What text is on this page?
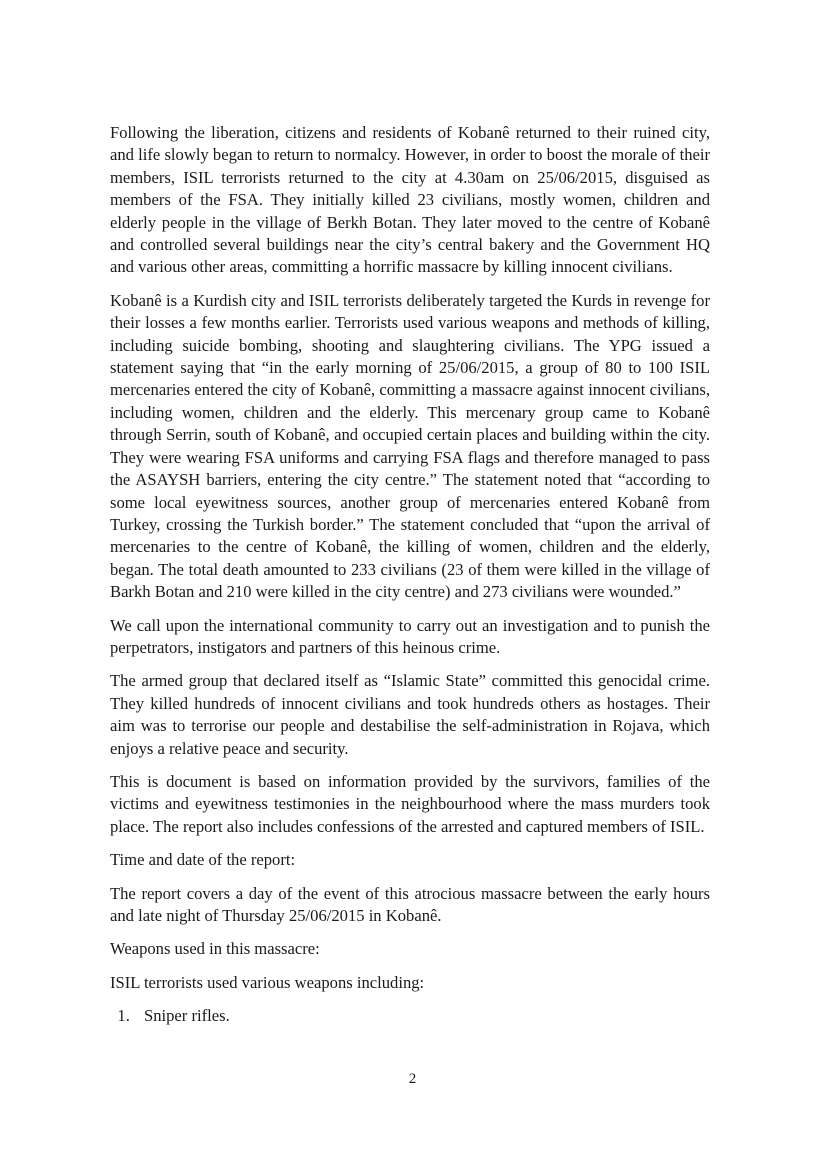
Following the liberation, citizens and residents of Kobanê returned to their ruined city, and life slowly began to return to normalcy. However, in order to boost the morale of their members, ISIL terrorists returned to the city at 4.30am on 25/06/2015, disguised as members of the FSA. They initially killed 23 civilians, mostly women, children and elderly people in the village of Berkh Botan. They later moved to the centre of Kobanê and controlled several buildings near the city’s central bakery and the Government HQ and various other areas, committing a horrific massacre by killing innocent civilians.

Kobanê is a Kurdish city and ISIL terrorists deliberately targeted the Kurds in revenge for their losses a few months earlier. Terrorists used various weapons and methods of killing, including suicide bombing, shooting and slaughtering civilians. The YPG issued a statement saying that “in the early morning of 25/06/2015, a group of 80 to 100 ISIL mercenaries entered the city of Kobanê, committing a massacre against innocent civilians, including women, children and the elderly. This mercenary group came to Kobanê through Serrin, south of Kobanê, and occupied certain places and building within the city. They were wearing FSA uniforms and carrying FSA flags and therefore managed to pass the ASAYSH barriers, entering the city centre.” The statement noted that “according to some local eyewitness sources, another group of mercenaries entered Kobanê from Turkey, crossing the Turkish border.” The statement concluded that “upon the arrival of mercenaries to the centre of Kobanê, the killing of women, children and the elderly, began. The total death amounted to 233 civilians (23 of them were killed in the village of Barkh Botan and 210 were killed in the city centre) and 273 civilians were wounded.”

We call upon the international community to carry out an investigation and to punish the perpetrators, instigators and partners of this heinous crime.

The armed group that declared itself as “Islamic State” committed this genocidal crime. They killed hundreds of innocent civilians and took hundreds others as hostages. Their aim was to terrorise our people and destabilise the self-administration in Rojava, which enjoys a relative peace and security.

This is document is based on information provided by the survivors, families of the victims and eyewitness testimonies in the neighbourhood where the mass murders took place. The report also includes confessions of the arrested and captured members of ISIL.

Time and date of the report:

The report covers a day of the event of this atrocious massacre between the early hours and late night of Thursday 25/06/2015 in Kobanê.

Weapons used in this massacre:

ISIL terrorists used various weapons including:

1. Sniper rifles.
2
